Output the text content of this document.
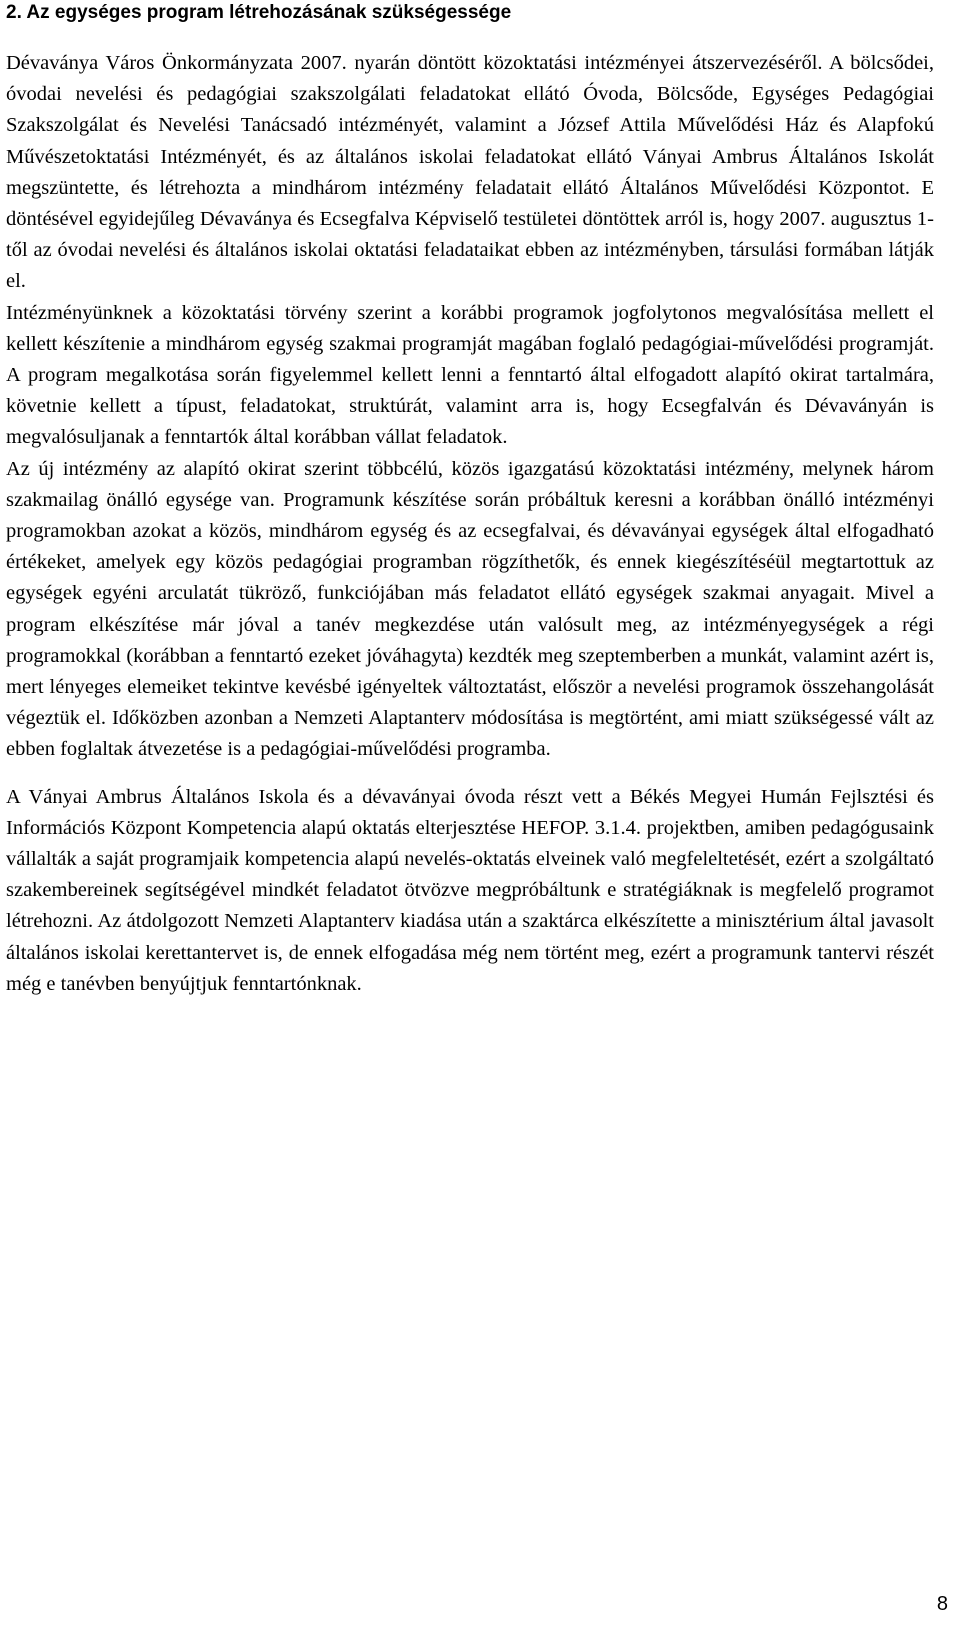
2. Az egységes program létrehozásának szükségessége

Dévaványa Város Önkormányzata 2007. nyarán döntött közoktatási intézményei átszervezéséről. A bölcsődei, óvodai nevelési és pedagógiai szakszolgálati feladatokat ellátó Óvoda, Bölcsőde, Egységes Pedagógiai Szakszolgálat és Nevelési Tanácsadó intézményét, valamint a József Attila Művelődési Ház és Alapfokú Művészetoktatási Intézményét, és az általános iskolai feladatokat ellátó Ványai Ambrus Általános Iskolát megszüntette, és létrehozta a mindhárom intézmény feladatait ellátó Általános Művelődési Központot. E döntésével egyidejűleg Dévaványa és Ecsegfalva Képviselő testületei döntöttek arról is, hogy 2007. augusztus 1-től az óvodai nevelési és általános iskolai oktatási feladataikat ebben az intézményben, társulási formában látják el.

Intézményünknek a közoktatási törvény szerint a korábbi programok jogfolytonos megvalósítása mellett el kellett készítenie a mindhárom egység szakmai programját magában foglaló pedagógiai-művelődési programját. A program megalkotása során figyelemmel kellett lenni a fenntartó által elfogadott alapító okirat tartalmára, követnie kellett a típust, feladatokat, struktúrát, valamint arra is, hogy Ecsegfalván és Dévaványán is megvalósuljanak a fenntartók által korábban vállat feladatok.

Az új intézmény az alapító okirat szerint többcélú, közös igazgatású közoktatási intézmény, melynek három szakmailag önálló egysége van. Programunk készítése során próbáltuk keresni a korábban önálló intézményi programokban azokat a közös, mindhárom egység és az ecsegfalvai, és dévaványai egységek által elfogadható értékeket, amelyek egy közös pedagógiai programban rögzíthetők, és ennek kiegészítéséül megtartottuk az egységek egyéni arculatát tükröző, funkciójában más feladatot ellátó egységek szakmai anyagait. Mivel a program elkészítése már jóval a tanév megkezdése után valósult meg, az intézményegységek a régi programokkal (korábban a fenntartó ezeket jóváhagyta) kezdték meg szeptemberben a munkát, valamint azért is, mert lényeges elemeiket tekintve kevésbé igényeltek változtatást, először a nevelési programok összehangolását végeztük el. Időközben azonban a Nemzeti Alaptanterv módosítása is megtörtént, ami miatt szükségessé vált az ebben foglaltak átvezetése is a pedagógiai-művelődési programba.

A Ványai Ambrus Általános Iskola és a dévaványai óvoda részt vett a Békés Megyei Humán Fejlsztési és Információs Központ Kompetencia alapú oktatás elterjesztése HEFOP. 3.1.4. projektben, amiben pedagógusaink vállalták a saját programjaik kompetencia alapú nevelés-oktatás elveinek való megfeleltetését, ezért a szolgáltató szakembereinek segítségével mindkét feladatot ötvözve megpróbáltunk e stratégiáknak is megfelelő programot létrehozni. Az átdolgozott Nemzeti Alaptanterv kiadása után a szaktárca elkészítette a minisztérium által javasolt általános iskolai kerettantervet is, de ennek elfogadása még nem történt meg, ezért a programunk tantervi részét még e tanévben benyújtjuk fenntartónknak.

8
